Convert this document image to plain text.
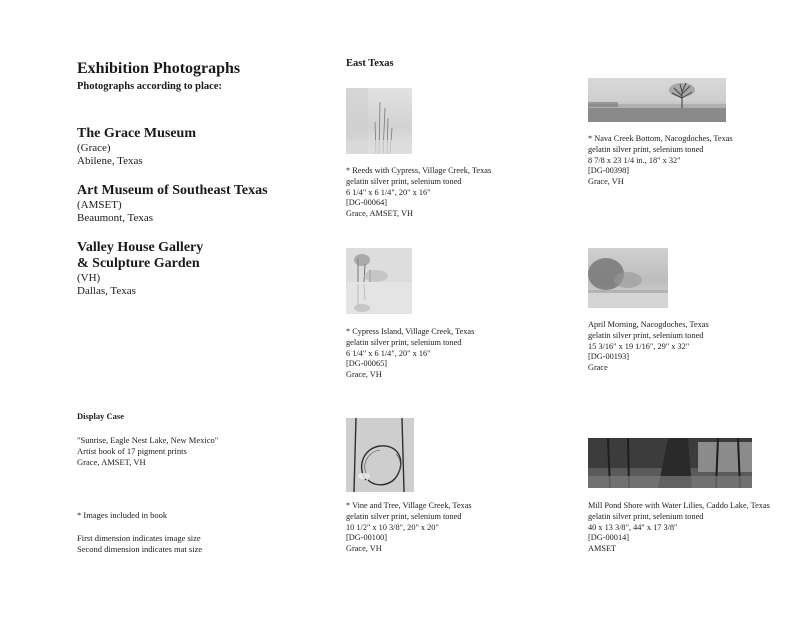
Exhibition Photographs
Photographs according to place:
The Grace Museum
(Grace)
Abilene, Texas
Art Museum of Southeast Texas
(AMSET)
Beaumont, Texas
Valley House Gallery
& Sculpture Garden
(VH)
Dallas, Texas
Display Case
"Sunrise, Eagle Nest Lake, New Mexico"
Artist book of 17 pigment prints
Grace, AMSET, VH
* Images included in book
First dimension indicates image size
Second dimension indicates mat size
East Texas
* Reeds with Cypress, Village Creek, Texas
gelatin silver print, selenium toned
6 1/4" x 6 1/4", 20" x 16"
[DG-00064]
Grace, AMSET, VH
* Nava Creek Bottom, Nacogdoches, Texas
gelatin silver print, selenium toned
8 7/8 x 23 1/4 in., 18" x 32"
[DG-00398]
Grace, VH
* Cypress Island, Village Creek, Texas
gelatin silver print, selenium toned
6 1/4" x 6 1/4", 20" x 16"
[DG-00065]
Grace, VH
April Morning, Nacogdoches, Texas
gelatin silver print, selenium toned
15 3/16" x 19 1/16", 29" x 32"
[DG-00193]
Grace
* Vine and Tree, Village Creek, Texas
gelatin silver print, selenium toned
10 1/2" x 10 3/8", 20" x 20"
[DG-00100]
Grace, VH
Mill Pond Shore with Water Lilies, Caddo Lake, Texas
gelatin silver print, selenium toned
40 x 13 3/8", 44" x 17 3/8"
[DG-00014]
AMSET
